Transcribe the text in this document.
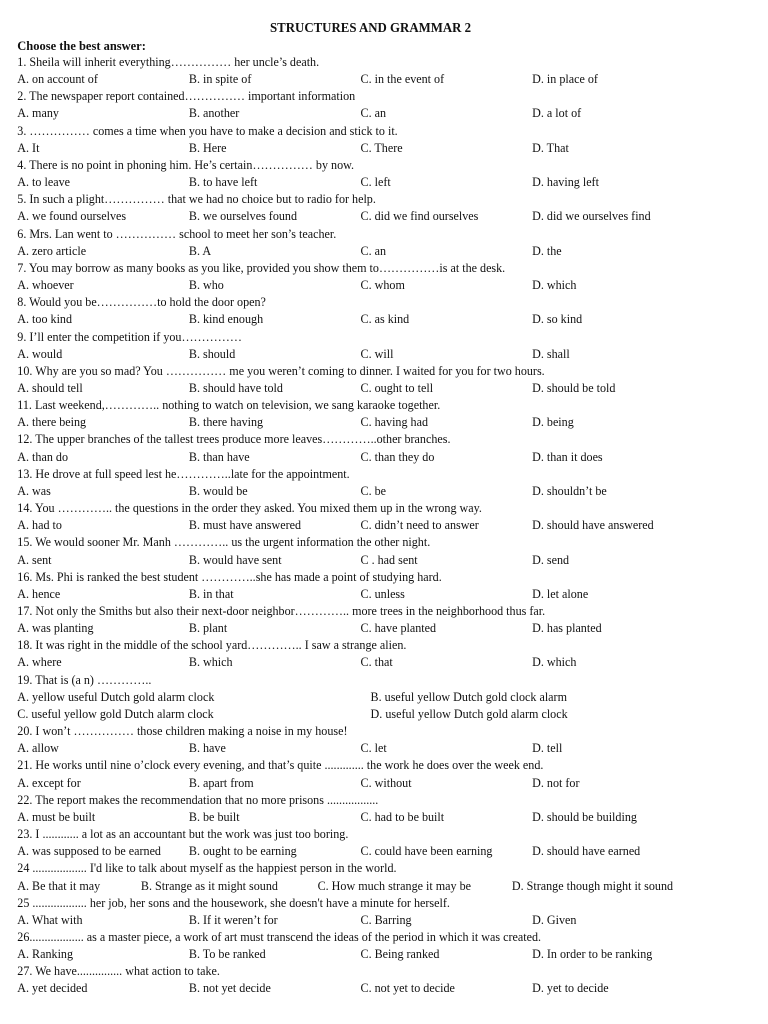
STRUCTURES AND GRAMMAR 2
Choose the best answer:
1. Sheila will inherit everything…………… her uncle’s death.
A. on account of	B. in spite of	C. in the event of	D. in place of
2. The newspaper report contained…………… important information
A. many	B. another	C. an	D. a lot of
3. …………… comes a time when you have to make a decision and stick to it.
A. It	B. Here	C. There	D. That
4. There is no point in phoning him. He’s certain…………… by now.
A. to leave	B. to have left	C. left	D. having left
5. In such a plight…………… that we had no choice but to radio for help.
A. we found ourselves	B. we ourselves found	C. did we find ourselves	D. did we ourselves find
6. Mrs. Lan went to …………… school to meet her son’s teacher.
A. zero article	B. A	C. an	D. the
7. You may borrow as many books as you like, provided you show them to……………is at the desk.
A. whoever	B. who	C. whom	D. which
8. Would you be……………to hold the door open?
A. too kind	B. kind enough	C. as kind	D. so kind
9. I’ll enter the competition if you……………
A. would	B. should	C. will	D. shall
10. Why are you so mad? You …………… me you weren’t coming to dinner. I waited for you for two hours.
A. should tell	B. should have told	C. ought to tell	D. should be told
11. Last weekend,………….. nothing to watch on television, we sang karaoke together.
A. there being	B. there having	C. having had	D. being
12. The upper branches of the tallest trees produce more leaves…………..other branches.
A. than do	B. than have	C. than they do	D. than it does
13. He drove at full speed lest he…………..late for the appointment.
A. was	B. would be	C. be	D. shouldn’t be
14. You ………….. the questions in the order they asked. You mixed them up in the wrong way.
A. had to	B. must have answered	C. didn’t need to answer	D. should have answered
15. We would sooner Mr. Manh ………….. us the urgent information the other night.
A. sent	B. would have sent	C . had sent	D. send
16. Ms. Phi is ranked the best student …………..she has made a point of studying hard.
A. hence	B. in that	C. unless	D. let alone
17. Not only the Smiths but also their next-door neighbor………….. more trees in the neighborhood thus far.
A. was planting	B. plant	C. have planted	D. has planted
18. It was right in the middle of the school yard………….. I saw a strange alien.
A. where	B. which	C. that	D. which
19. That is (a n) …………..
A. yellow useful Dutch gold alarm clock	B. useful yellow Dutch gold clock alarm
C. useful yellow gold Dutch alarm clock	D. useful yellow Dutch gold alarm clock
20. I won’t …………… those children making a noise in my house!
A. allow	B. have	C. let	D. tell
21. He works until nine o’clock every evening, and that’s quite ............. the work he does over the week end.
A. except for	B. apart from	C. without	D. not for
22. The report makes the recommendation that no more prisons .................
A. must be built	B. be built	C. had to be built	D. should be building
23. I ............ a lot as an accountant but the work was just too boring.
A. was supposed to be earned	B. ought to be earning	C. could have been earning	D. should have earned
24 .................. I'd like to talk about myself as the happiest person in the world.
A. Be that it may	B. Strange as it might sound	C. How much strange it may be	D. Strange though might it sound
25 .................. her job, her sons and the housework, she doesn't have a minute for herself.
A. What with	B. If it weren’t for	C. Barring	D. Given
26.................. as a master piece, a work of art must transcend the ideas of the period in which it was created.
A. Ranking	B. To be ranked	C. Being ranked	D. In order to be ranking
27. We have............... what action to take.
A. yet decided	B. not yet decide	C. not yet to decide	D. yet to decide
